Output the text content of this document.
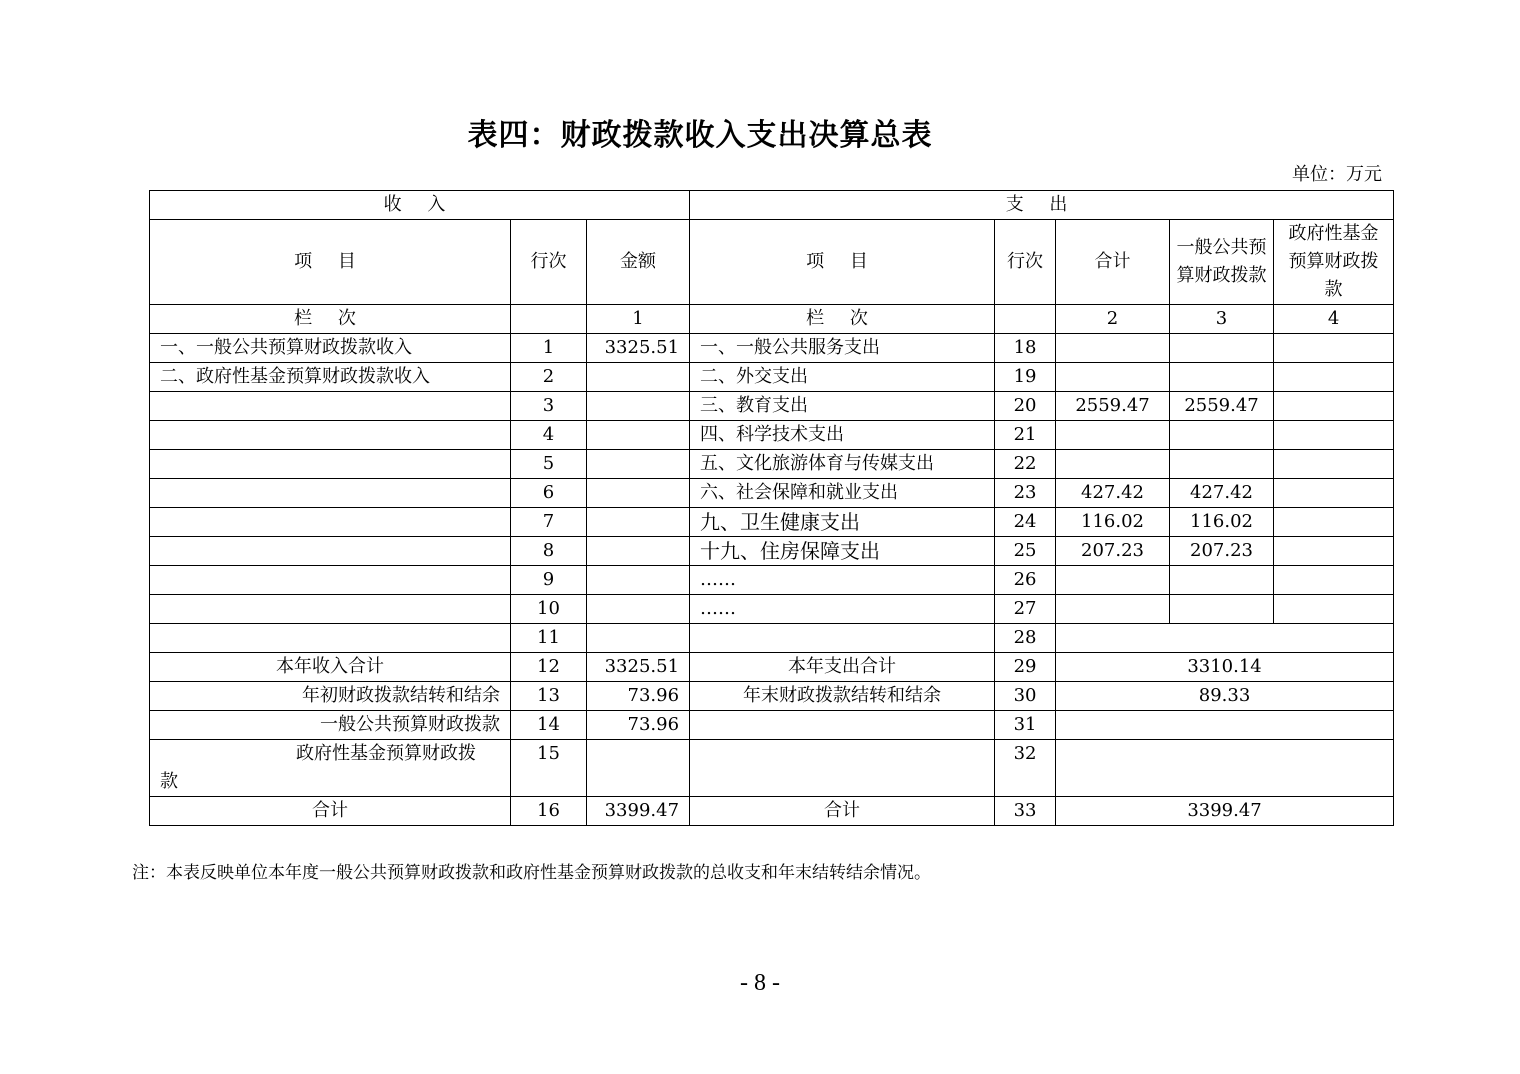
表四：财政拨款收入支出决算总表
单位：万元
收 入			支 出				
项 目	行次	金额	项 目	行次	合计	一般公共预算财政拨款	政府性基金预算财政拨款
栏 次		1	栏 次		2	3	4
一、一般公共预算财政拨款收入	1	3325.51	一、一般公共服务支出	18			
二、政府性基金预算财政拨款收入	2		二、外交支出	19			
	3		三、教育支出	20	2559.47	2559.47	
	4		四、科学技术支出	21			
	5		五、文化旅游体育与传媒支出	22			
	6		六、社会保障和就业支出	23	427.42	427.42	
	7		九、卫生健康支出	24	116.02	116.02	
	8		十九、住房保障支出	25	207.23	207.23	
	9		……	26			
	10		……	27			
	11			28			
本年收入合计	12	3325.51	本年支出合计	29	3310.14		
年初财政拨款结转和结余	13	73.96	年末财政拨款结转和结余	30	89.33		
一般公共预算财政拨款	14	73.96		31			

政府性基金预算财政拨
款	15			32			
合计	16	3399.47	合计	33	3399.47		
注：本表反映单位本年度一般公共预算财政拨款和政府性基金预算财政拨款的总收支和年末结转结余情况。
- 8 -
